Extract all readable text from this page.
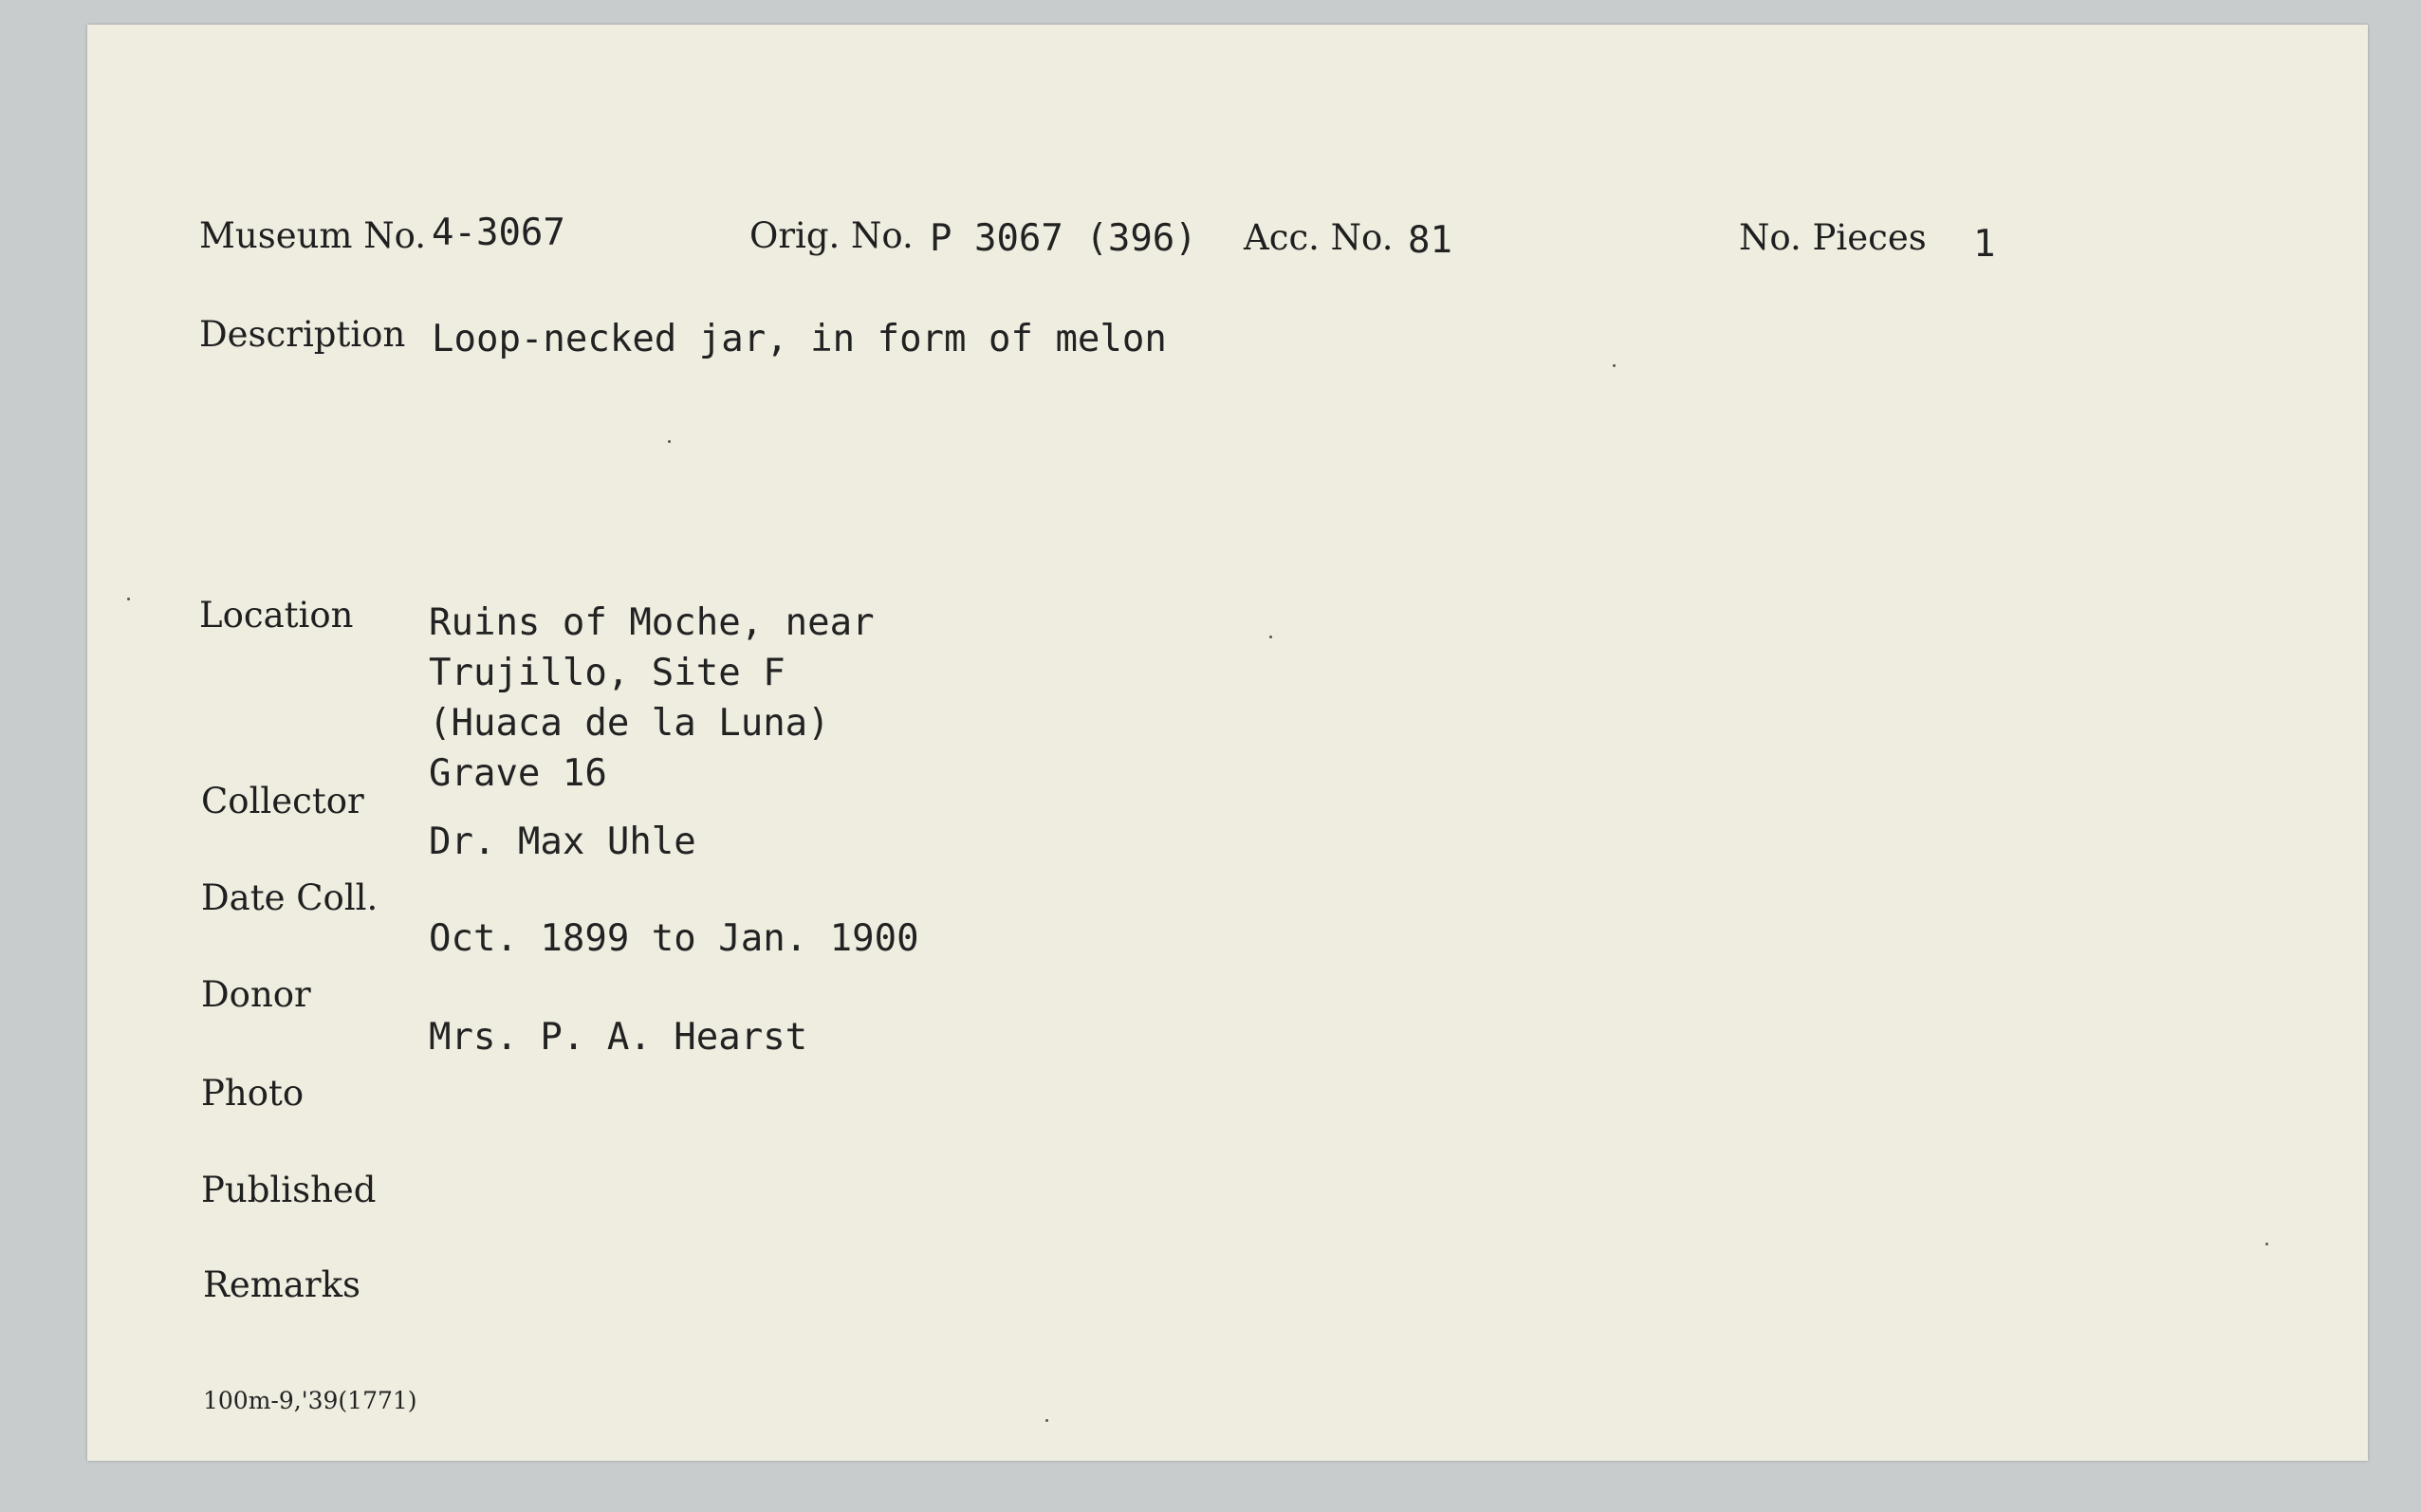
Museum No. 4-3067	Orig. No. P 3067 (396) Acc. No. 81	No. Pieces 1
Description Loop-necked jar, in form of melon
Location Ruins of Moche, near
Trujillo, Site F
(Huaca de la Luna)
Grave 16
Collector
Dr. Max Uhle
Date Coll.
Oct. 1899 to Jan. 1900
Donor
Mrs. P. A. Hearst
Photo
Published
Remarks
100m-9,'39(1771)
